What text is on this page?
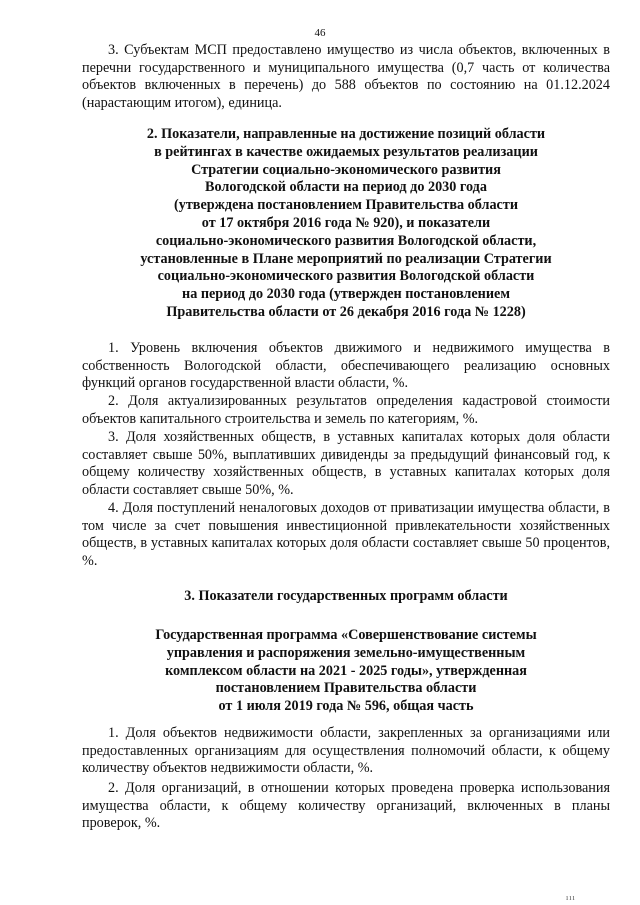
46

3. Субъектам МСП предоставлено имущество из числа объектов, включенных в перечни государственного и муниципального имущества (0,7 часть от количества объектов включенных в перечень) до 588 объектов по состоянию на 01.12.2024 (нарастающим итогом), единица.

2. Показатели, направленные на достижение позиций области
в рейтингах в качестве ожидаемых результатов реализации
Стратегии социально-экономического развития
Вологодской области на период до 2030 года
(утверждена постановлением Правительства области
от 17 октября 2016 года № 920), и показатели
социально-экономического развития Вологодской области,
установленные в Плане мероприятий по реализации Стратегии
социально-экономического развития Вологодской области
на период до 2030 года (утвержден постановлением
Правительства области от 26 декабря 2016 года № 1228)

1. Уровень включения объектов движимого и недвижимого имущества в собственность Вологодской области, обеспечивающего реализацию основных функций органов государственной власти области, %.

2. Доля актуализированных результатов определения кадастровой стоимости объектов капитального строительства и земель по категориям, %.

3. Доля хозяйственных обществ, в уставных капиталах которых доля области составляет свыше 50%, выплативших дивиденды за предыдущий финансовый год, к общему количеству хозяйственных обществ, в уставных капиталах которых доля области составляет свыше 50%, %.

4. Доля поступлений неналоговых доходов от приватизации имущества области, в том числе за счет повышения инвестиционной привлекательности хозяйственных обществ, в уставных капиталах которых доля области составляет свыше 50 процентов, %.

3. Показатели государственных программ области
Государственная программа «Совершенствование системы
управления и распоряжения земельно-имущественным
комплексом области на 2021 - 2025 годы», утвержденная
постановлением Правительства области
от 1 июля 2019 года № 596, общая часть

1. Доля объектов недвижимости области, закрепленных за организациями или предоставленных организациям для осуществления полномочий области, к общему количеству объектов недвижимости области, %.

2. Доля организаций, в отношении которых проведена проверка использования имущества области, к общему количеству организаций, включенных в планы проверок, %.

ııı
